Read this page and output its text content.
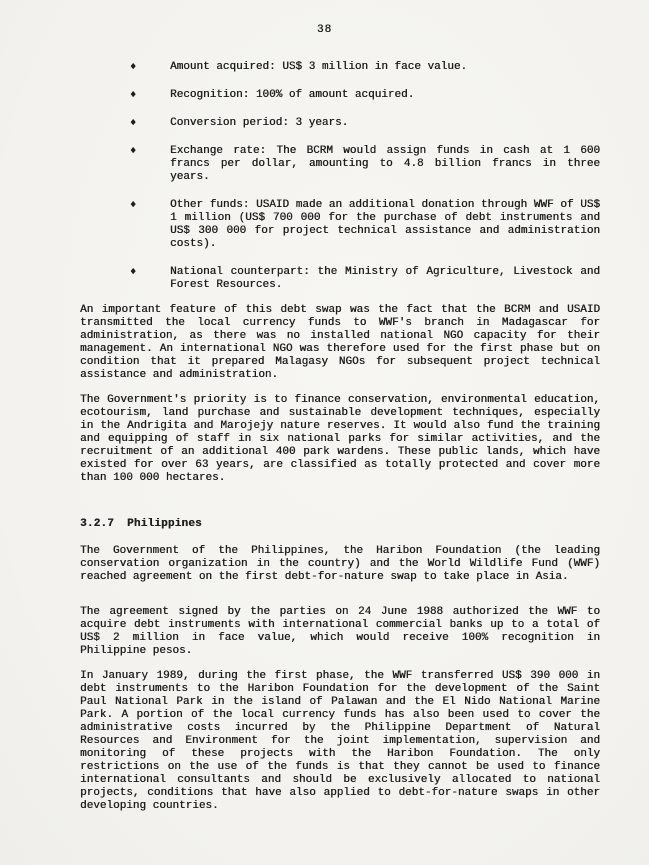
38
♦	Amount acquired: US$ 3 million in face value.
♦	Recognition: 100% of amount acquired.
♦	Conversion period: 3 years.
♦	Exchange rate: The BCRM would assign funds in cash at 1 600 francs per dollar, amounting to 4.8 billion francs in three years.
♦	Other funds: USAID made an additional donation through WWF of US$ 1 million (US$ 700 000 for the purchase of debt instruments and US$ 300 000 for project technical assistance and administration costs).
♦	National counterpart: the Ministry of Agriculture, Livestock and Forest Resources.

An important feature of this debt swap was the fact that the BCRM and USAID transmitted the local currency funds to WWF's branch in Madagascar for administration, as there was no installed national NGO capacity for their management. An international NGO was therefore used for the first phase but on condition that it prepared Malagasy NGOs for subsequent project technical assistance and administration.

The Government's priority is to finance conservation, environmental education, ecotourism, land purchase and sustainable development techniques, especially in the Andrigita and Marojejy nature reserves. It would also fund the training and equipping of staff in six national parks for similar activities, and the recruitment of an additional 400 park wardens. These public lands, which have existed for over 63 years, are classified as totally protected and cover more than 100 000 hectares.

3.2.7 Philippines

The Government of the Philippines, the Haribon Foundation (the leading conservation organization in the country) and the World Wildlife Fund (WWF) reached agreement on the first debt-for-nature swap to take place in Asia.

The agreement signed by the parties on 24 June 1988 authorized the WWF to acquire debt instruments with international commercial banks up to a total of US$ 2 million in face value, which would receive 100% recognition in Philippine pesos.

In January 1989, during the first phase, the WWF transferred US$ 390 000 in debt instruments to the Haribon Foundation for the development of the Saint Paul National Park in the island of Palawan and the El Nido National Marine Park. A portion of the local currency funds has also been used to cover the administrative costs incurred by the Philippine Department of Natural Resources and Environment for the joint implementation, supervision and monitoring of these projects with the Haribon Foundation. The only restrictions on the use of the funds is that they cannot be used to finance international consultants and should be exclusively allocated to national projects, conditions that have also applied to debt-for-nature swaps in other developing countries.
